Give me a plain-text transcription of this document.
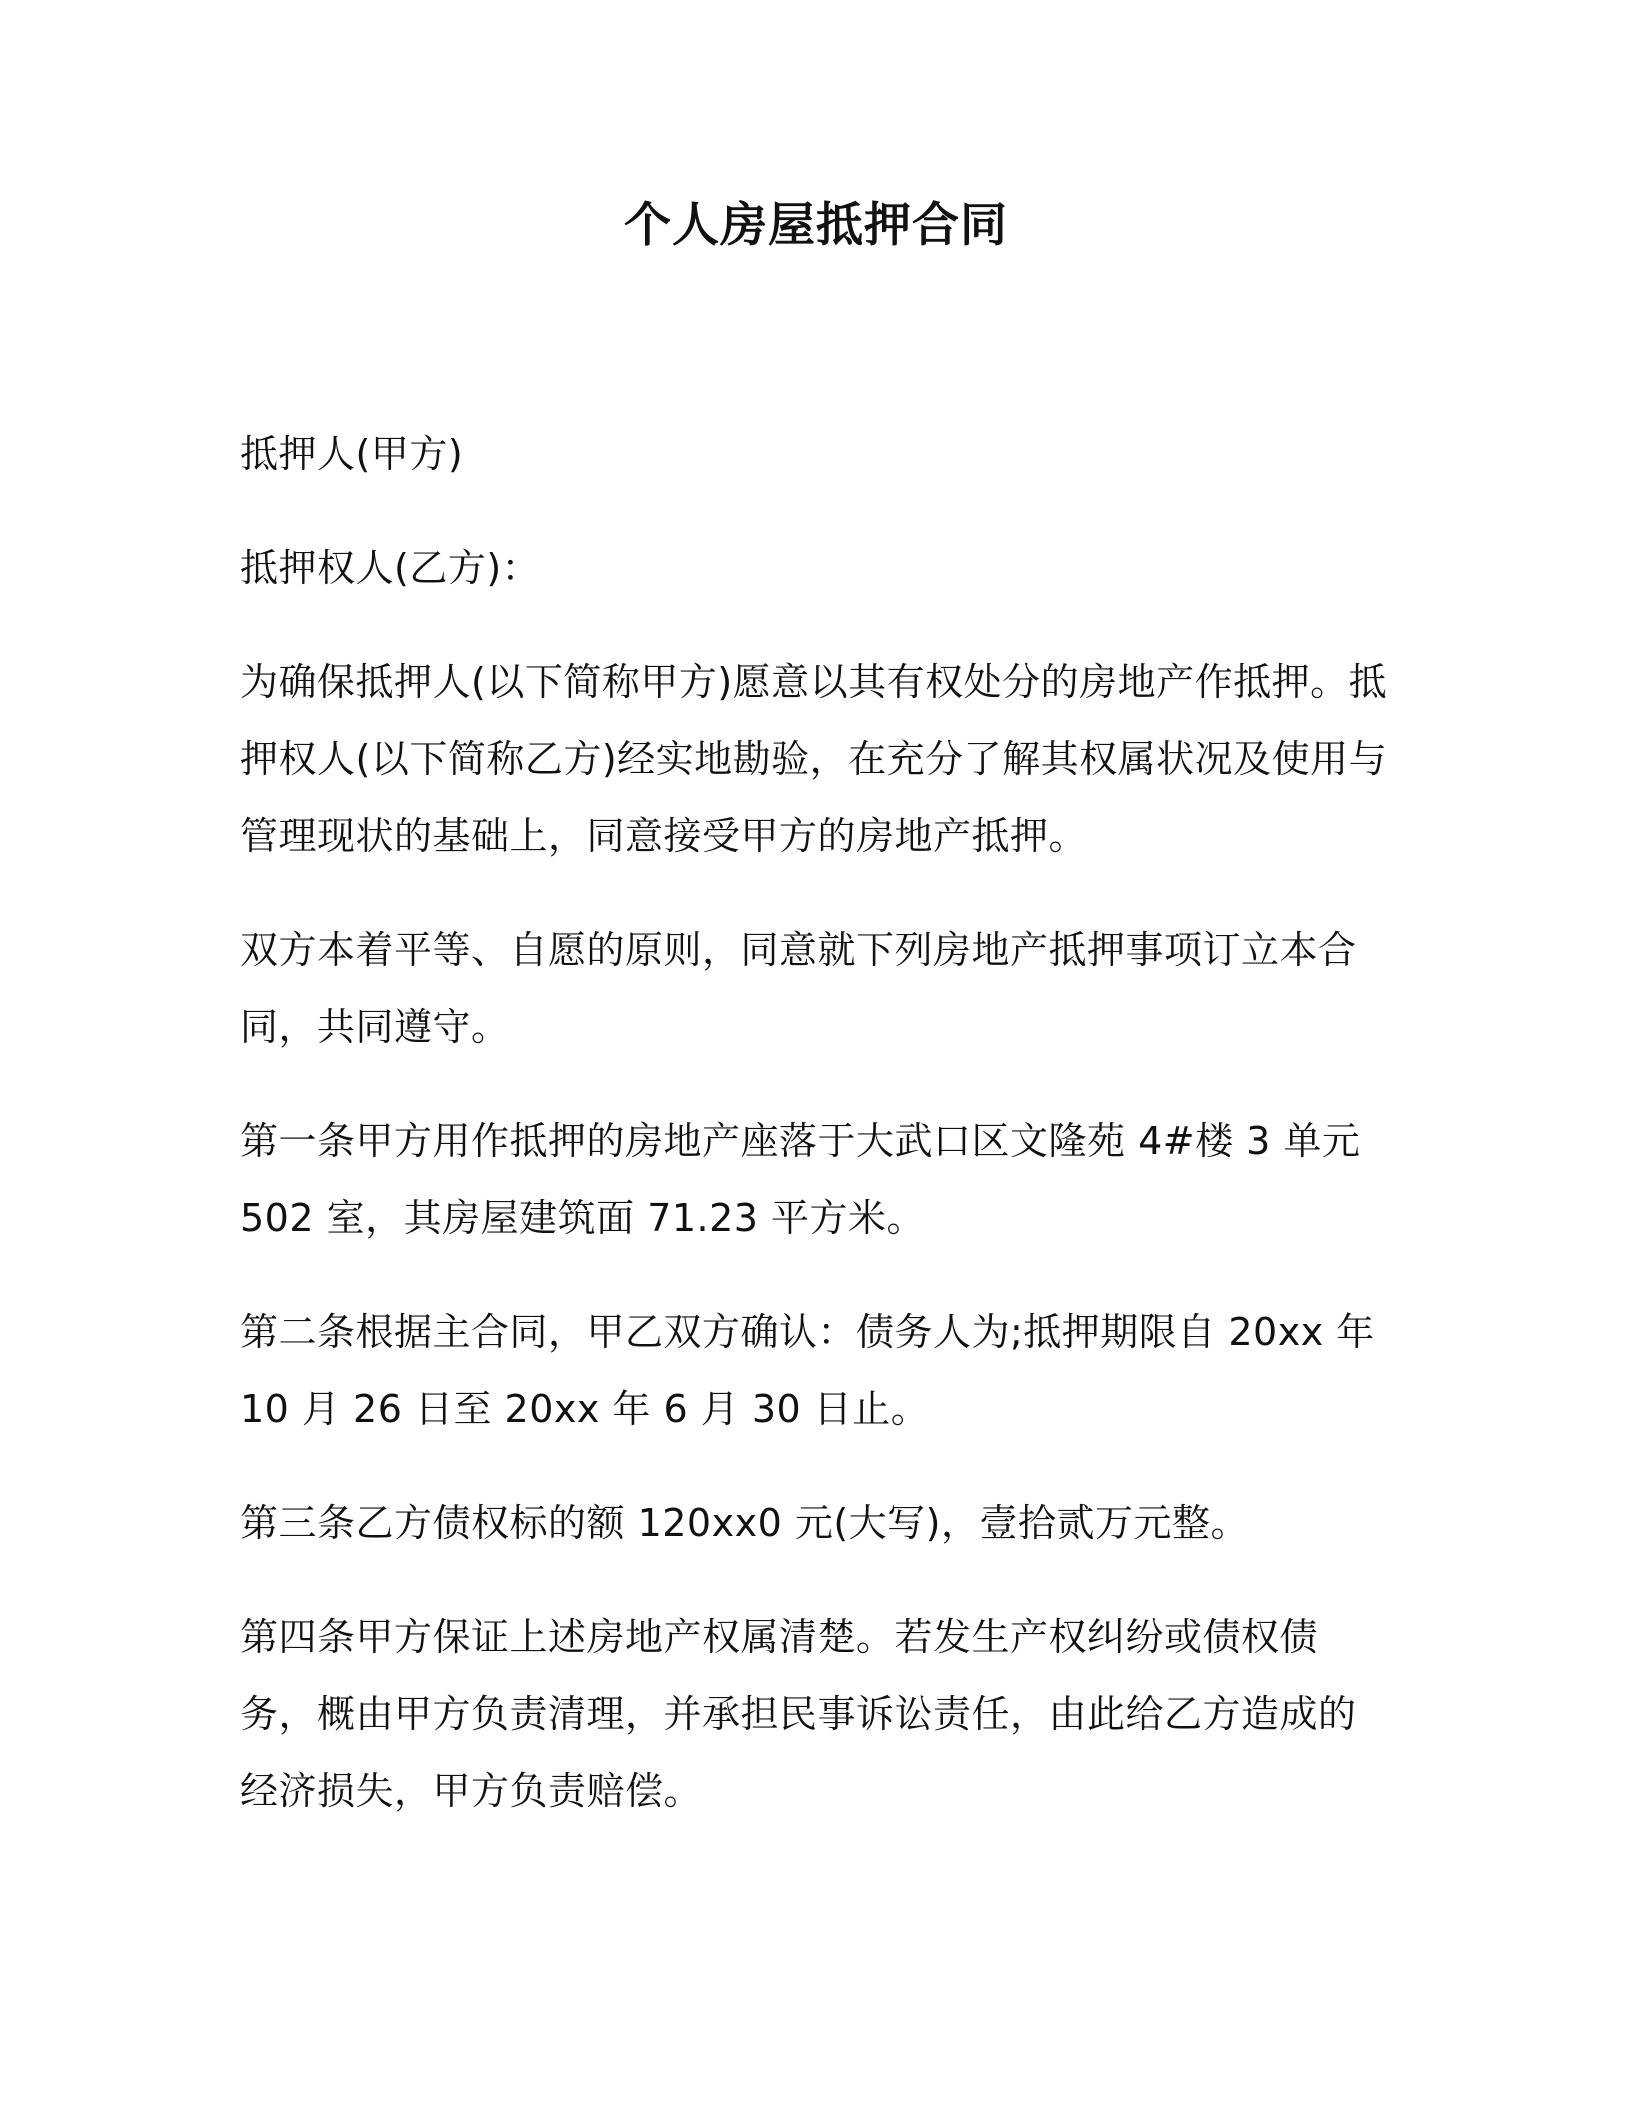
个人房屋抵押合同

抵押人(甲方)

抵押权人(乙方)：

为确保抵押人(以下简称甲方)愿意以其有权处分的房地产作抵押。抵押权人(以下简称乙方)经实地勘验，在充分了解其权属状况及使用与管理现状的基础上，同意接受甲方的房地产抵押。

双方本着平等、自愿的原则，同意就下列房地产抵押事项订立本合同，共同遵守。

第一条甲方用作抵押的房地产座落于大武口区文隆苑 4#楼 3 单元 502 室，其房屋建筑面 71.23 平方米。

第二条根据主合同，甲乙双方确认：债务人为;抵押期限自 20xx 年 10 月 26 日至 20xx 年 6 月 30 日止。

第三条乙方债权标的额 120xx0 元(大写)，壹拾贰万元整。

第四条甲方保证上述房地产权属清楚。若发生产权纠纷或债权债务，概由甲方负责清理，并承担民事诉讼责任，由此给乙方造成的经济损失，甲方负责赔偿。
